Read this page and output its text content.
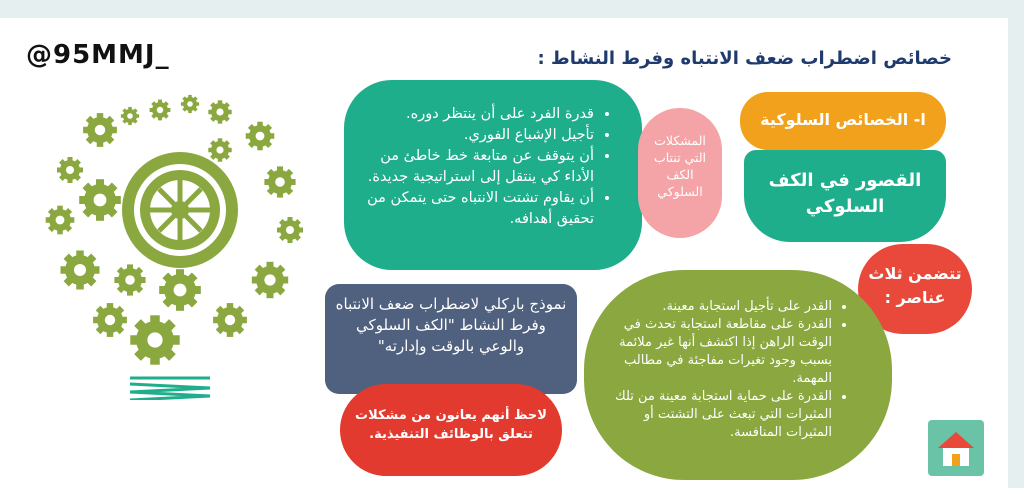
@95MMJ_	خصائص اضطراب ضعف الانتباه وفرط النشاط :
• قدرة الفرد على أن ينتظر دوره.
• تأجيل الإشباع الفوري.
• أن يتوقف عن متابعة خط خاطئ من الأداء كي ينتقل إلى استراتيجية جديدة.
• أن يقاوم تشتت الانتباه حتى يتمكن من تحقيق أهدافه.
المشكلات التي تنتاب الكف السلوكي
ا- الخصائص السلوكية
القصور في الكف السلوكي
تتضمن ثلاث عناصر :
• القدر على تأجيل استجابة معينة.
• القدرة على مقاطعة استجابة تحدث في الوقت الراهن إذا اكتشف أنها غير ملائمة بسبب وجود تغيرات مفاجئة في مطالب المهمة.
• القدرة على حماية استجابة معينة من تلك المثيرات التي تبعث على التشتت أو المثيرات المنافسة.
نموذج باركلي لاضطراب ضعف الانتباه وفرط النشاط "الكف السلوكي والوعي بالوقت وإدارته"
لاحظ أنهم يعانون من مشكلات تتعلق بالوظائف التنفيذية.
